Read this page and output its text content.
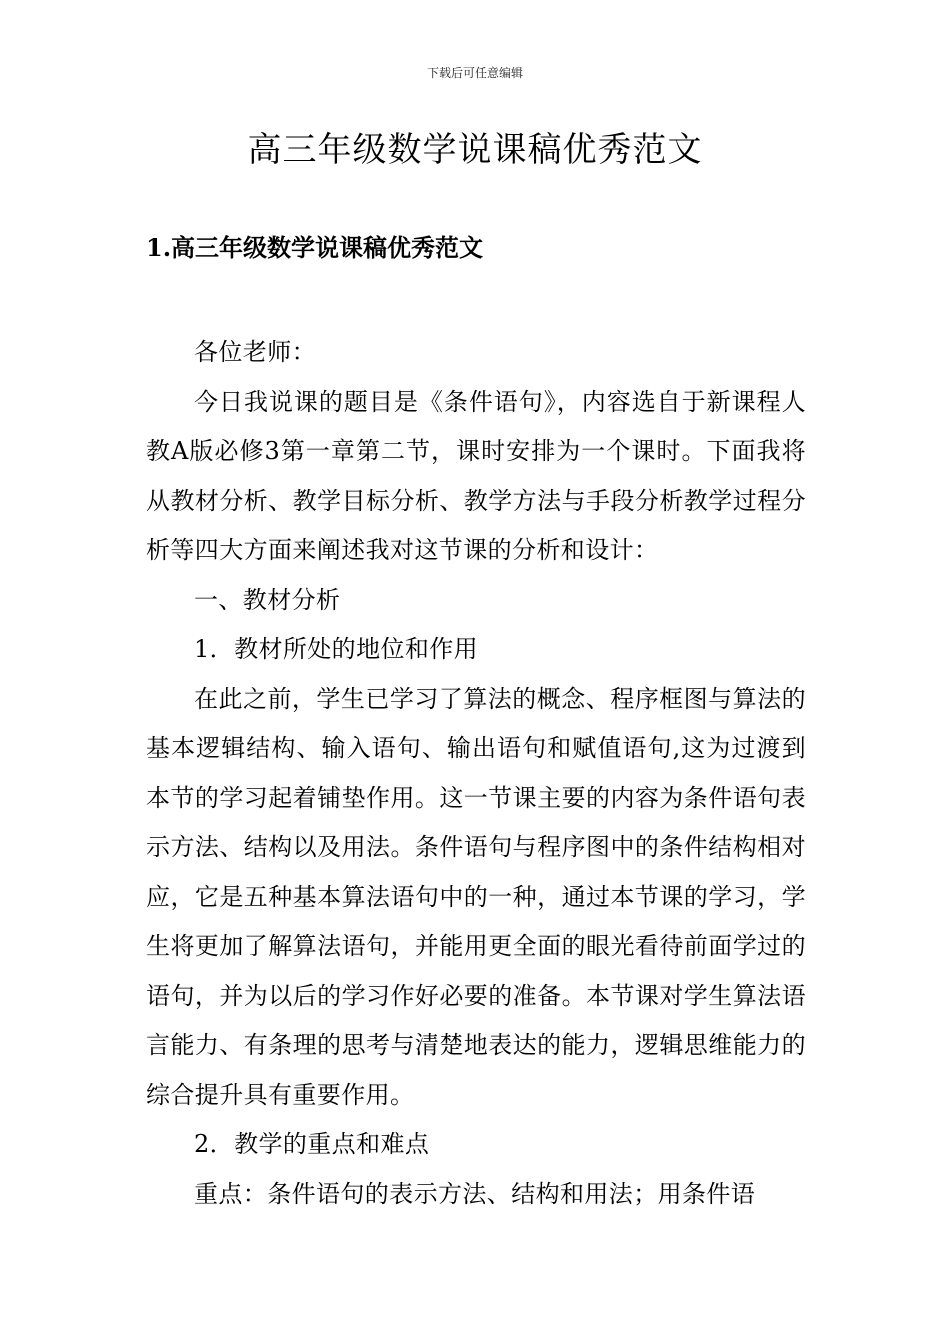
下载后可任意编辑
高三年级数学说课稿优秀范文
1.高三年级数学说课稿优秀范文

各位老师：

今日我说课的题目是《条件语句》，内容选自于新课程人教A版必修3第一章第二节，课时安排为一个课时。下面我将从教材分析、教学目标分析、教学方法与手段分析教学过程分析等四大方面来阐述我对这节课的分析和设计：

一、教材分析

1．教材所处的地位和作用

在此之前，学生已学习了算法的概念、程序框图与算法的基本逻辑结构、输入语句、输出语句和赋值语句,这为过渡到本节的学习起着铺垫作用。这一节课主要的内容为条件语句表示方法、结构以及用法。条件语句与程序图中的条件结构相对应，它是五种基本算法语句中的一种，通过本节课的学习，学生将更加了解算法语句，并能用更全面的眼光看待前面学过的语句，并为以后的学习作好必要的准备。本节课对学生算法语言能力、有条理的思考与清楚地表达的能力，逻辑思维能力的综合提升具有重要作用。

2．教学的重点和难点

重点：条件语句的表示方法、结构和用法；用条件语
